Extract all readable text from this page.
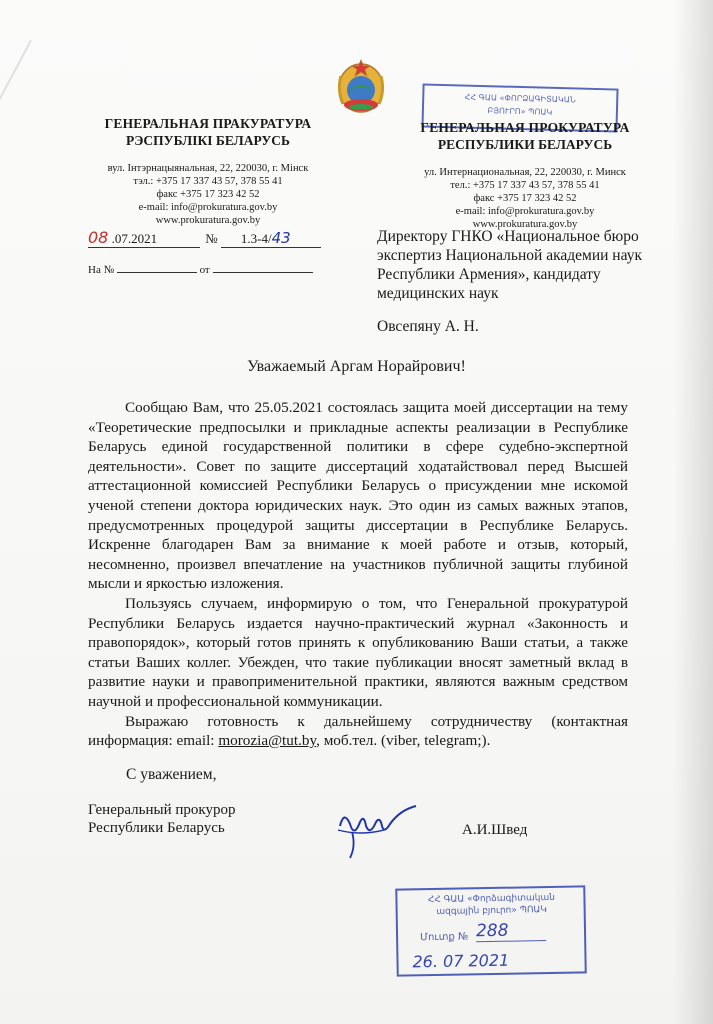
ГЕНЕРАЛЬНАЯ ПРАКУРАТУРА
РЭСПУБЛІКІ БЕЛАРУСЬ
вул. Інтэрнацыянальная, 22, 220030, г. Мінск
тэл.: +375 17 337 43 57, 378 55 41
факс +375 17 323 42 52
e-mail: info@prokuratura.gov.by
www.prokuratura.gov.by
ՀՀ ԳԱԱ «ՓՈՐՁԱԳԻՏԱԿԱՆ
ԲՅՈՒՐՈ» ՊՈԱԿ
ГЕНЕРАЛЬНАЯ ПРОКУРАТУРА
РЕСПУБЛИКИ БЕЛАРУСЬ
ул. Интернациональная, 22, 220030, г. Минск
тел.: +375 17 337 43 57, 378 55 41
факс +375 17 323 42 52
e-mail: info@prokuratura.gov.by
www.prokuratura.gov.by
08 .07.2021	№ 1.3-4/43
На №	от
Директору ГНКО «Национальное бюро экспертиз Национальной академии наук Республики Армения», кандидату медицинских наук
Овсепяну А. Н.
Уважаемый Аргам Норайрович!

Сообщаю Вам, что 25.05.2021 состоялась защита моей диссертации на тему «Теоретические предпосылки и прикладные аспекты реализации в Республике Беларусь единой государственной политики в сфере судебно-экспертной деятельности». Совет по защите диссертаций ходатайствовал перед Высшей аттестационной комиссией Республики Беларусь о присуждении мне искомой ученой степени доктора юридических наук. Это один из самых важных этапов, предусмотренных процедурой защиты диссертации в Республике Беларусь. Искренне благодарен Вам за внимание к моей работе и отзыв, который, несомненно, произвел впечатление на участников публичной защиты глубиной мысли и яркостью изложения.

Пользуясь случаем, информирую о том, что Генеральной прокуратурой Республики Беларусь издается научно-практический журнал «Законность и правопорядок», который готов принять к опубликованию Ваши статьи, а также статьи Ваших коллег. Убежден, что такие публикации вносят заметный вклад в развитие науки и правоприменительной практики, являются важным средством научной и профессиональной коммуникации.

Выражаю готовность к дальнейшему сотрудничеству (контактная информация: email: morozia@tut.by, моб.тел. (viber, telegram;).

С уважением,
Генеральный прокурор
Республики Беларусь	А.И.Швед
ՀՀ ԳԱԱ «Փորձագիտական
ազգային բյուրո» ՊՈԱԿ
Մուտք № 288
26. 07 2021
